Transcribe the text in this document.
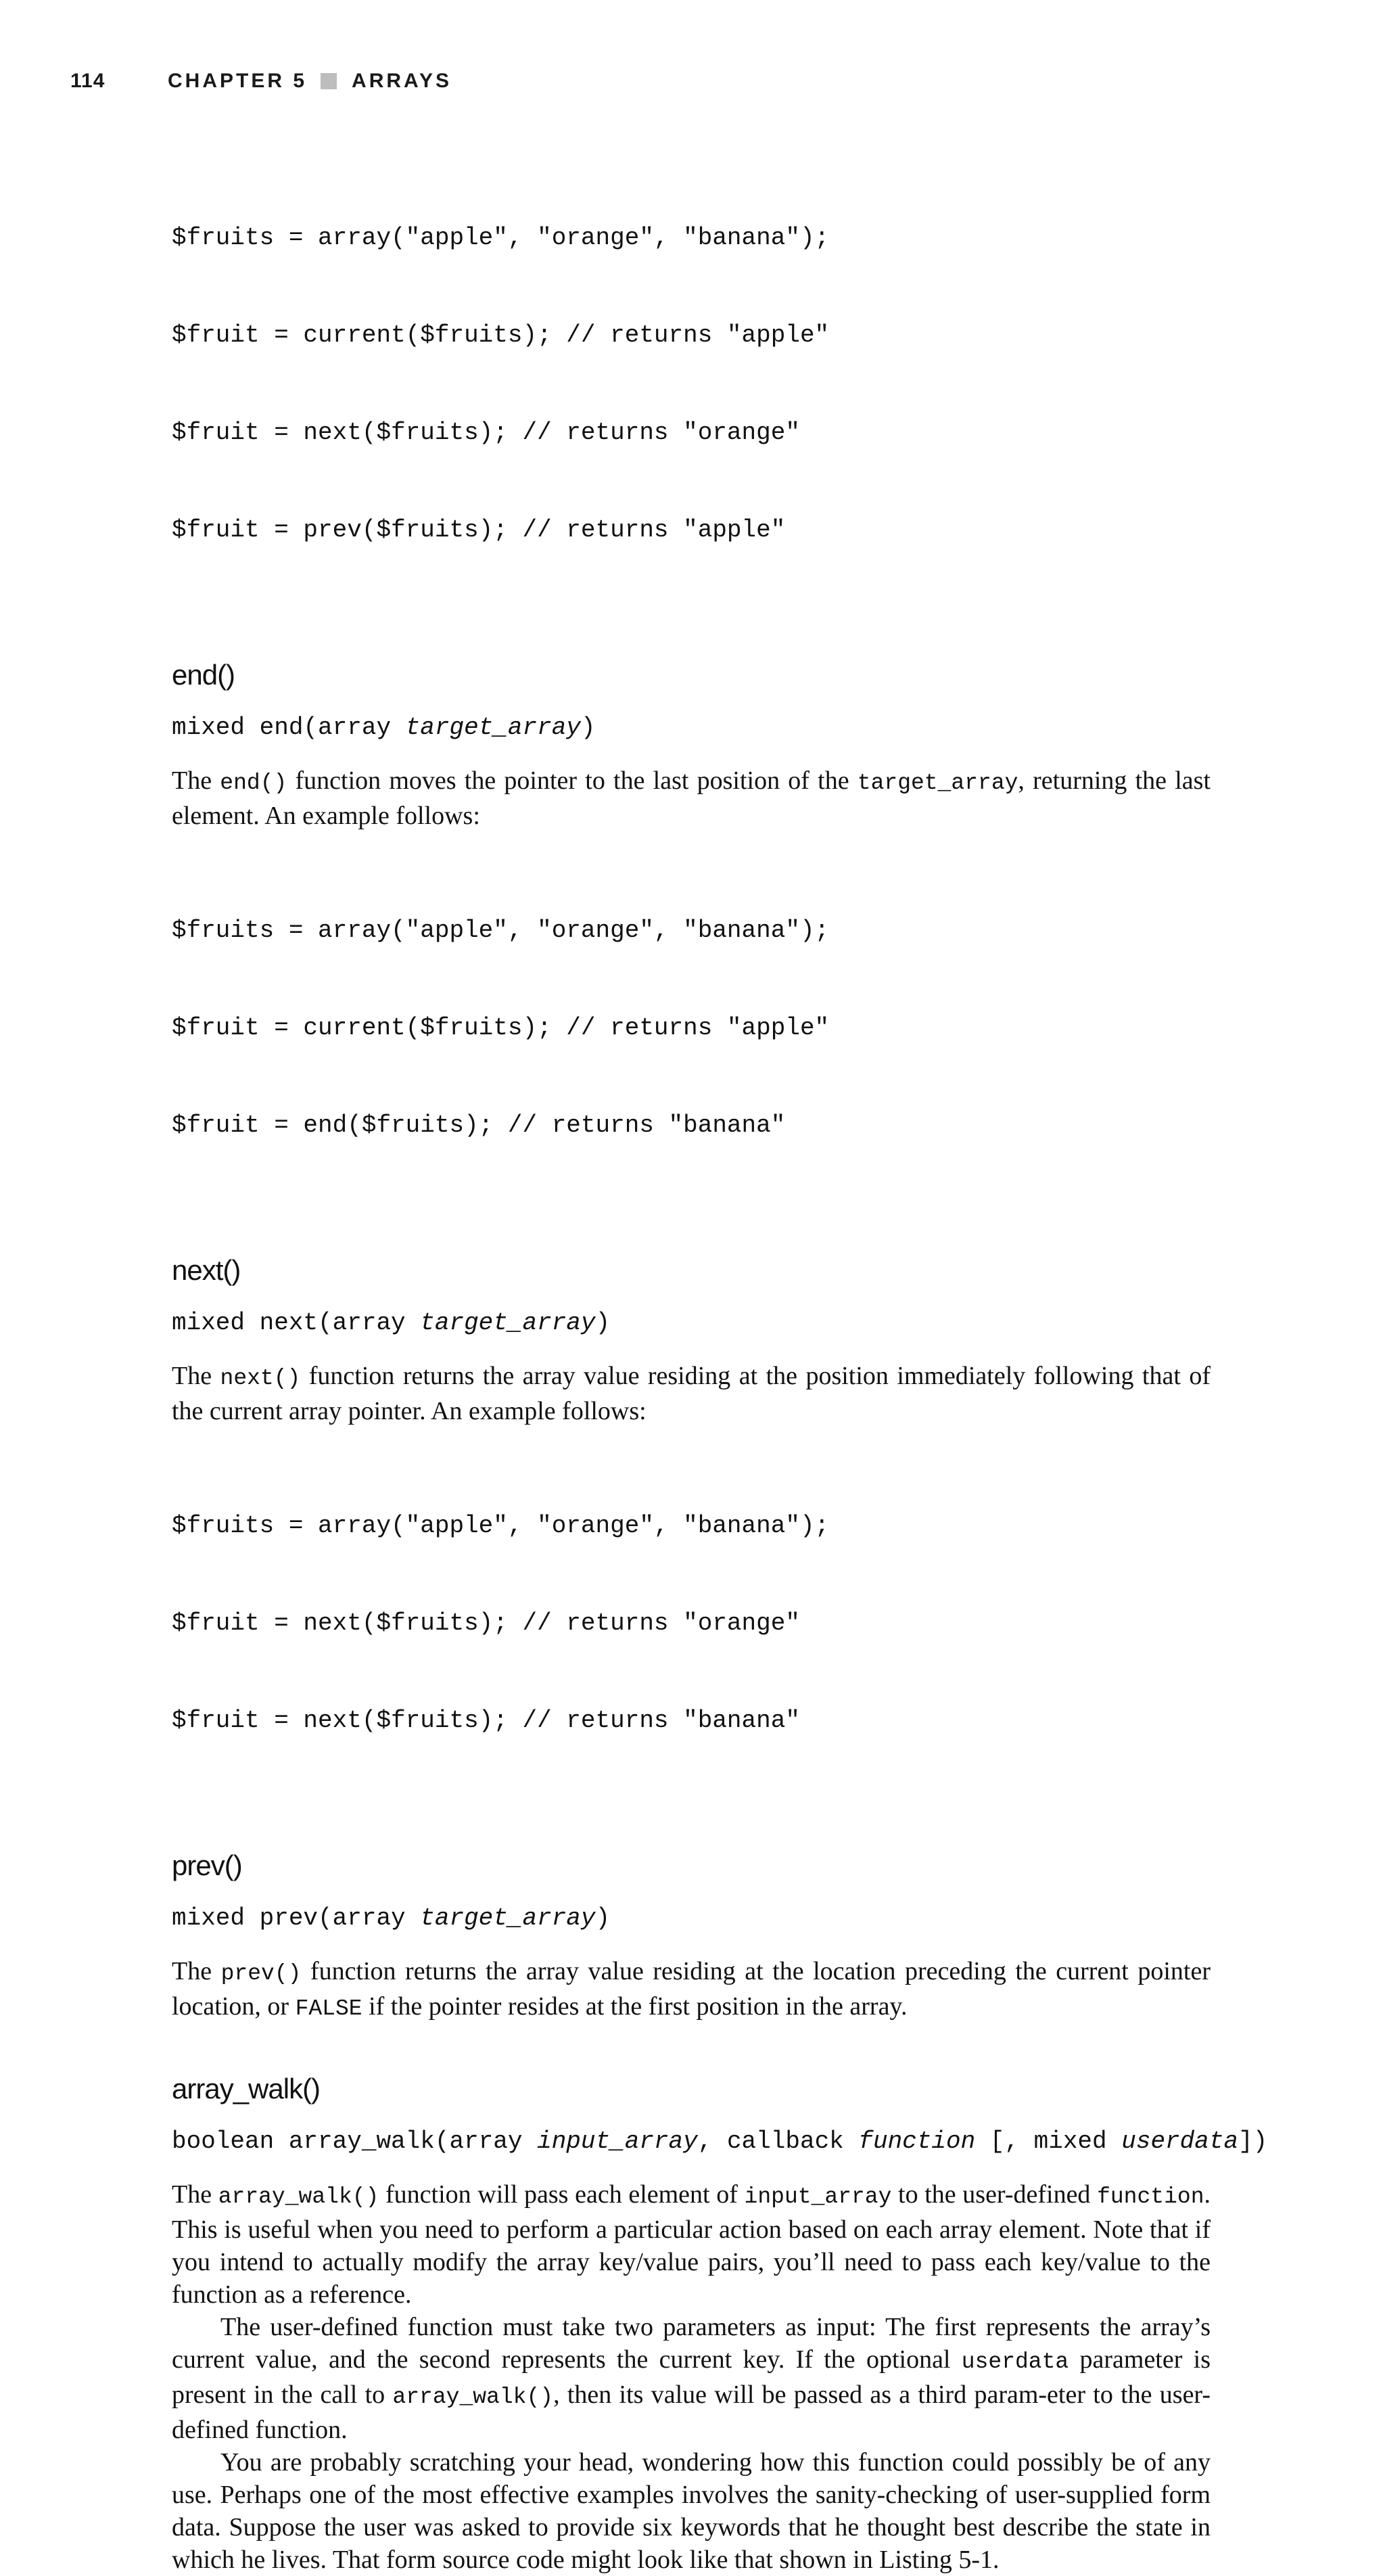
114	CHAPTER 5 ARRAYS

$fruits = array("apple", "orange", "banana");

$fruit = current($fruits); // returns "apple"

$fruit = next($fruits); // returns "orange"

$fruit = prev($fruits); // returns "apple"

end()

mixed end(array target_array)

The end() function moves the pointer to the last position of the target_array, returning the last element. An example follows:

$fruits = array("apple", "orange", "banana");

$fruit = current($fruits); // returns "apple"

$fruit = end($fruits); // returns "banana"

next()

mixed next(array target_array)

The next() function returns the array value residing at the position immediately following that of the current array pointer. An example follows:

$fruits = array("apple", "orange", "banana");

$fruit = next($fruits); // returns "orange"

$fruit = next($fruits); // returns "banana"

prev()

mixed prev(array target_array)

The prev() function returns the array value residing at the location preceding the current pointer location, or FALSE if the pointer resides at the first position in the array.

array_walk()

boolean array_walk(array input_array, callback function [, mixed userdata])

The array_walk() function will pass each element of input_array to the user-defined function. This is useful when you need to perform a particular action based on each array element. Note that if you intend to actually modify the array key/value pairs, you’ll need to pass each key/value to the function as a reference.

The user-defined function must take two parameters as input: The first represents the array’s current value, and the second represents the current key. If the optional userdata parameter is present in the call to array_walk(), then its value will be passed as a third param-eter to the user-defined function.

You are probably scratching your head, wondering how this function could possibly be of any use. Perhaps one of the most effective examples involves the sanity-checking of user-supplied form data. Suppose the user was asked to provide six keywords that he thought best describe the state in which he lives. That form source code might look like that shown in Listing 5-1.
